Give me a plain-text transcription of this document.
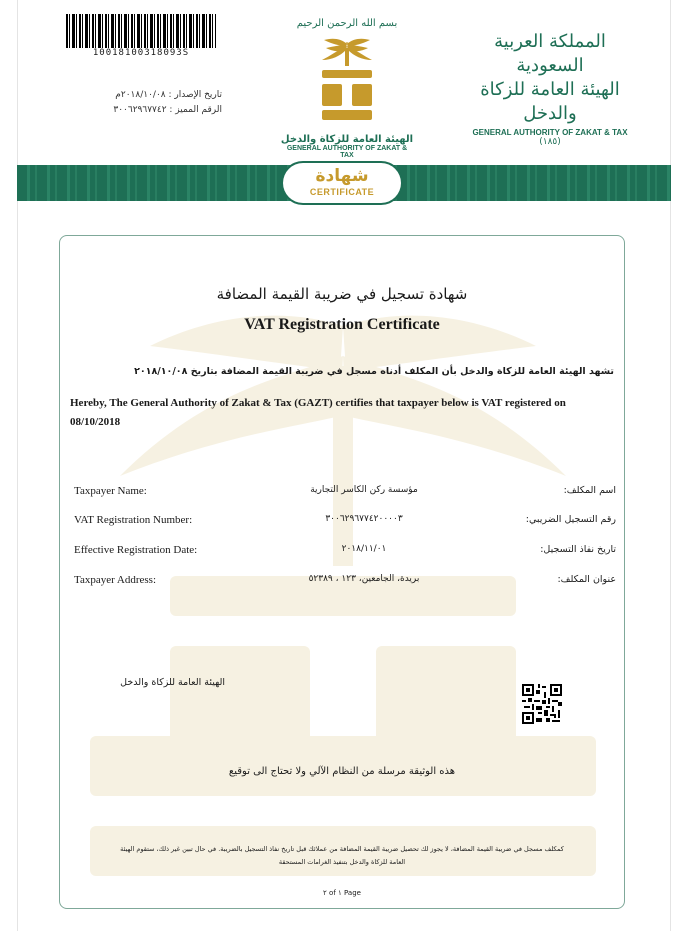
10018100318093S
تاريخ الإصدار : ٢٠١٨/١٠/٠٨م
الرقم المميز : ٣٠٠٦٢٩٦٧٧٤٢
بسم الله الرحمن الرحيم
الهيئة العامة للزكاة والدخل
GENERAL AUTHORITY OF ZAKAT & TAX
المملكة العربية السعودية
الهيئة العامة للزكاة والدخل
GENERAL AUTHORITY OF ZAKAT & TAX
(١٨٥)
شهادة
CERTIFICATE
شهادة تسجيل في ضريبة القيمة المضافة
VAT Registration Certificate
تشهد الهيئة العامة للزكاة والدخل بأن المكلف أدناه مسجل في ضريبة القيمة المضافة بتاريخ ٢٠١٨/١٠/٠٨
Hereby, The General Authority of Zakat & Tax (GAZT) certifies that taxpayer below is VAT registered on 08/10/2018
Taxpayer Name:	مؤسسة ركن الكاسر التجارية	اسم المكلف:
VAT Registration Number:	٣٠٠٦٢٩٦٧٧٤٢٠٠٠٠٣	رقم التسجيل الضريبي:
Effective Registration Date:	٢٠١٨/١١/٠١	تاريخ نفاذ التسجيل:
Taxpayer Address:	بريدة، الجامعين، ١٢٣ ، ٥٢٣٨٩	عنوان المكلف:
الهيئة العامة للزكاة والدخل
هذه الوثيقة مرسلة من النظام الآلي ولا تحتاج الى توقيع
كمكلف مسجل في ضريبة القيمة المضافة، لا يجوز لك تحصيل ضريبة القيمة المضافة من عملائك قبل تاريخ نفاذ التسجيل بالضريبة. في حال تبين غير ذلك، ستقوم الهيئة العامة للزكاة والدخل بتنفيذ الغرامات المستحقة
Page ١ of ٢
